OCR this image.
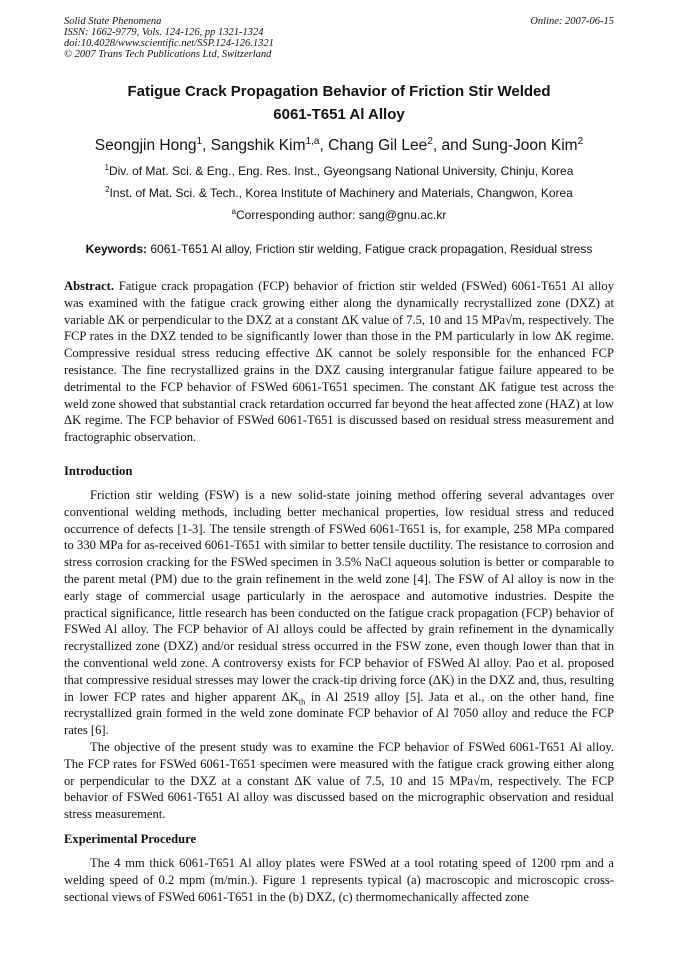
Solid State Phenomena
ISSN: 1662-9779, Vols. 124-126, pp 1321-1324
doi:10.4028/www.scientific.net/SSP.124-126.1321
© 2007 Trans Tech Publications Ltd, Switzerland
Online: 2007-06-15
Fatigue Crack Propagation Behavior of Friction Stir Welded
6061-T651 Al Alloy
Seongjin Hong$^1$, Sangshik Kim$^{1,a}$, Chang Gil Lee$^2$, and Sung-Joon Kim$^2$
$^1$Div. of Mat. Sci. & Eng., Eng. Res. Inst., Gyeongsang National University, Chinju, Korea
$^2$Inst. of Mat. Sci. & Tech., Korea Institute of Machinery and Materials, Changwon, Korea
$^a$Corresponding author: sang@gnu.ac.kr
Keywords: 6061-T651 Al alloy, Friction stir welding, Fatigue crack propagation, Residual stress

Abstract. Fatigue crack propagation (FCP) behavior of friction stir welded (FSWed) 6061-T651 Al alloy was examined with the fatigue crack growing either along the dynamically recrystallized zone (DXZ) at variable ΔK or perpendicular to the DXZ at a constant ΔK value of 7.5, 10 and 15 MPa√m, respectively. The FCP rates in the DXZ tended to be significantly lower than those in the PM particularly in low ΔK regime. Compressive residual stress reducing effective ΔK cannot be solely responsible for the enhanced FCP resistance. The fine recrystallized grains in the DXZ causing intergranular fatigue failure appeared to be detrimental to the FCP behavior of FSWed 6061-T651 specimen. The constant ΔK fatigue test across the weld zone showed that substantial crack retardation occurred far beyond the heat affected zone (HAZ) at low ΔK regime. The FCP behavior of FSWed 6061-T651 is discussed based on residual stress measurement and fractographic observation.

Introduction

Friction stir welding (FSW) is a new solid-state joining method offering several advantages over conventional welding methods, including better mechanical properties, low residual stress and reduced occurrence of defects [1-3]. The tensile strength of FSWed 6061-T651 is, for example, 258 MPa compared to 330 MPa for as-received 6061-T651 with similar to better tensile ductility. The resistance to corrosion and stress corrosion cracking for the FSWed specimen in 3.5% NaCl aqueous solution is better or comparable to the parent metal (PM) due to the grain refinement in the weld zone [4]. The FSW of Al alloy is now in the early stage of commercial usage particularly in the aerospace and automotive industries. Despite the practical significance, little research has been conducted on the fatigue crack propagation (FCP) behavior of FSWed Al alloy. The FCP behavior of Al alloys could be affected by grain refinement in the dynamically recrystallized zone (DXZ) and/or residual stress occurred in the FSW zone, even though lower than that in the conventional weld zone. A controversy exists for FCP behavior of FSWed Al alloy. Pao et al. proposed that compressive residual stresses may lower the crack-tip driving force (ΔK) in the DXZ and, thus, resulting in lower FCP rates and higher apparent $\Delta K_{th}$ in Al 2519 alloy [5]. Jata et al., on the other hand, fine recrystallized grain formed in the weld zone dominate FCP behavior of Al 7050 alloy and reduce the FCP rates [6].

The objective of the present study was to examine the FCP behavior of FSWed 6061-T651 Al alloy. The FCP rates for FSWed 6061-T651 specimen were measured with the fatigue crack growing either along or perpendicular to the DXZ at a constant ΔK value of 7.5, 10 and 15 MPa√m, respectively. The FCP behavior of FSWed 6061-T651 Al alloy was discussed based on the micrographic observation and residual stress measurement.

Experimental Procedure

The 4 mm thick 6061-T651 Al alloy plates were FSWed at a tool rotating speed of 1200 rpm and a welding speed of 0.2 mpm (m/min.). Figure 1 represents typical (a) macroscopic and microscopic cross-sectional views of FSWed 6061-T651 in the (b) DXZ, (c) thermomechanically affected zone
